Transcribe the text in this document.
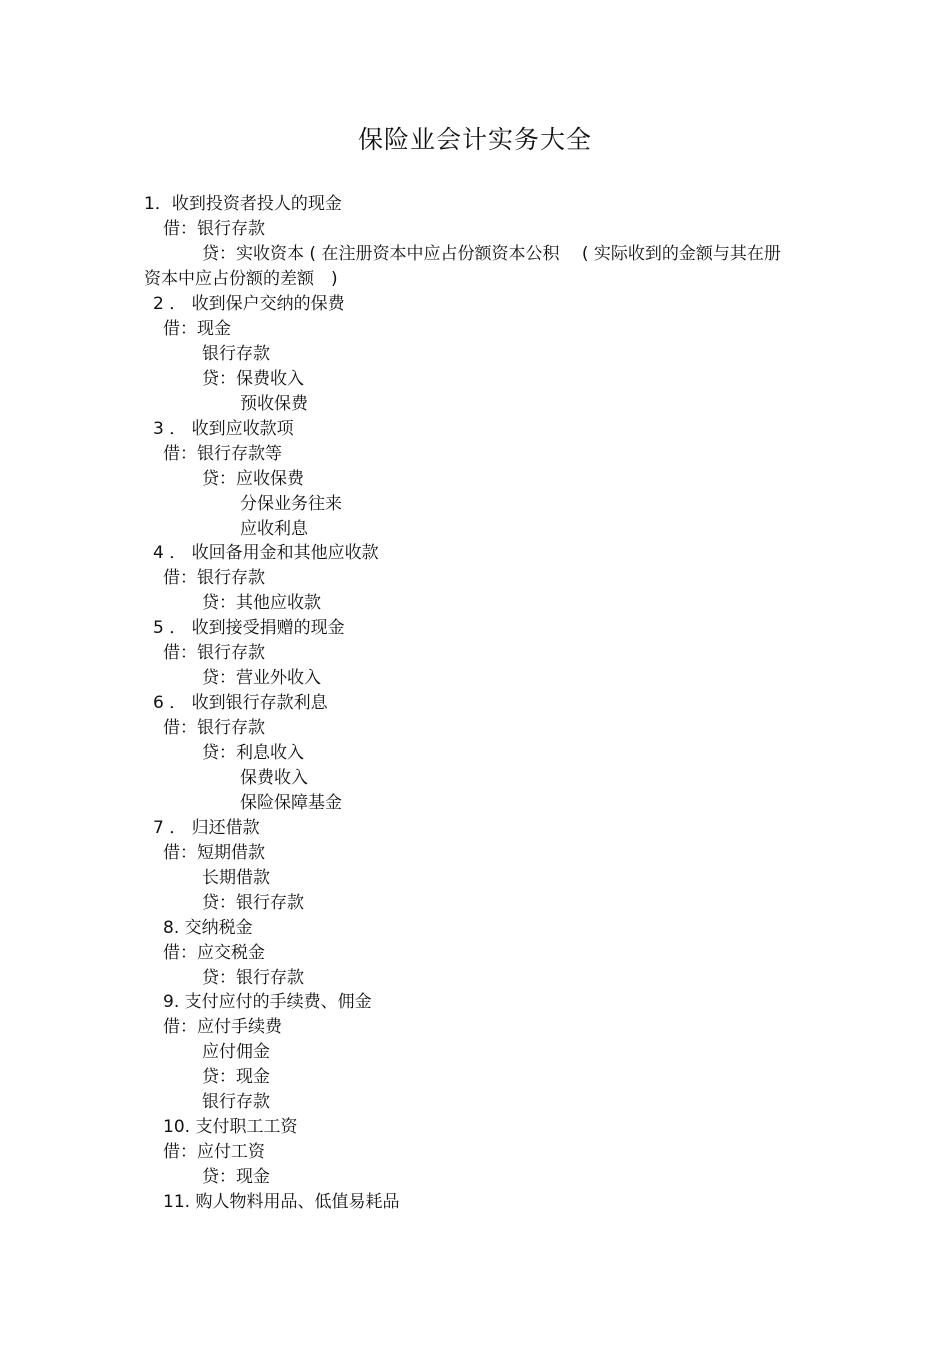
保险业会计实务大全
1．收到投资者投人的现金
借：银行存款
贷：实收资本 ( 在注册资本中应占份额资本公积　 ( 实际收到的金额与其在册
资本中应占份额的差额　)
2 ． 收到保户交纳的保费
借：现金
银行存款
贷：保费收入
预收保费
3 ． 收到应收款项
借：银行存款等
贷：应收保费
分保业务往来
应收利息
4 ． 收回备用金和其他应收款
借：银行存款
贷：其他应收款
5 ． 收到接受捐赠的现金
借：银行存款
贷：营业外收入
6 ． 收到银行存款利息
借：银行存款
贷：利息收入
保费收入
保险保障基金
7 ． 归还借款
借：短期借款
长期借款
贷：银行存款
8. 交纳税金
借：应交税金
贷：银行存款
9. 支付应付的手续费、佣金
借：应付手续费
应付佣金
贷：现金
银行存款
10. 支付职工工资
借：应付工资
贷：现金
11. 购人物料用品、低值易耗品
